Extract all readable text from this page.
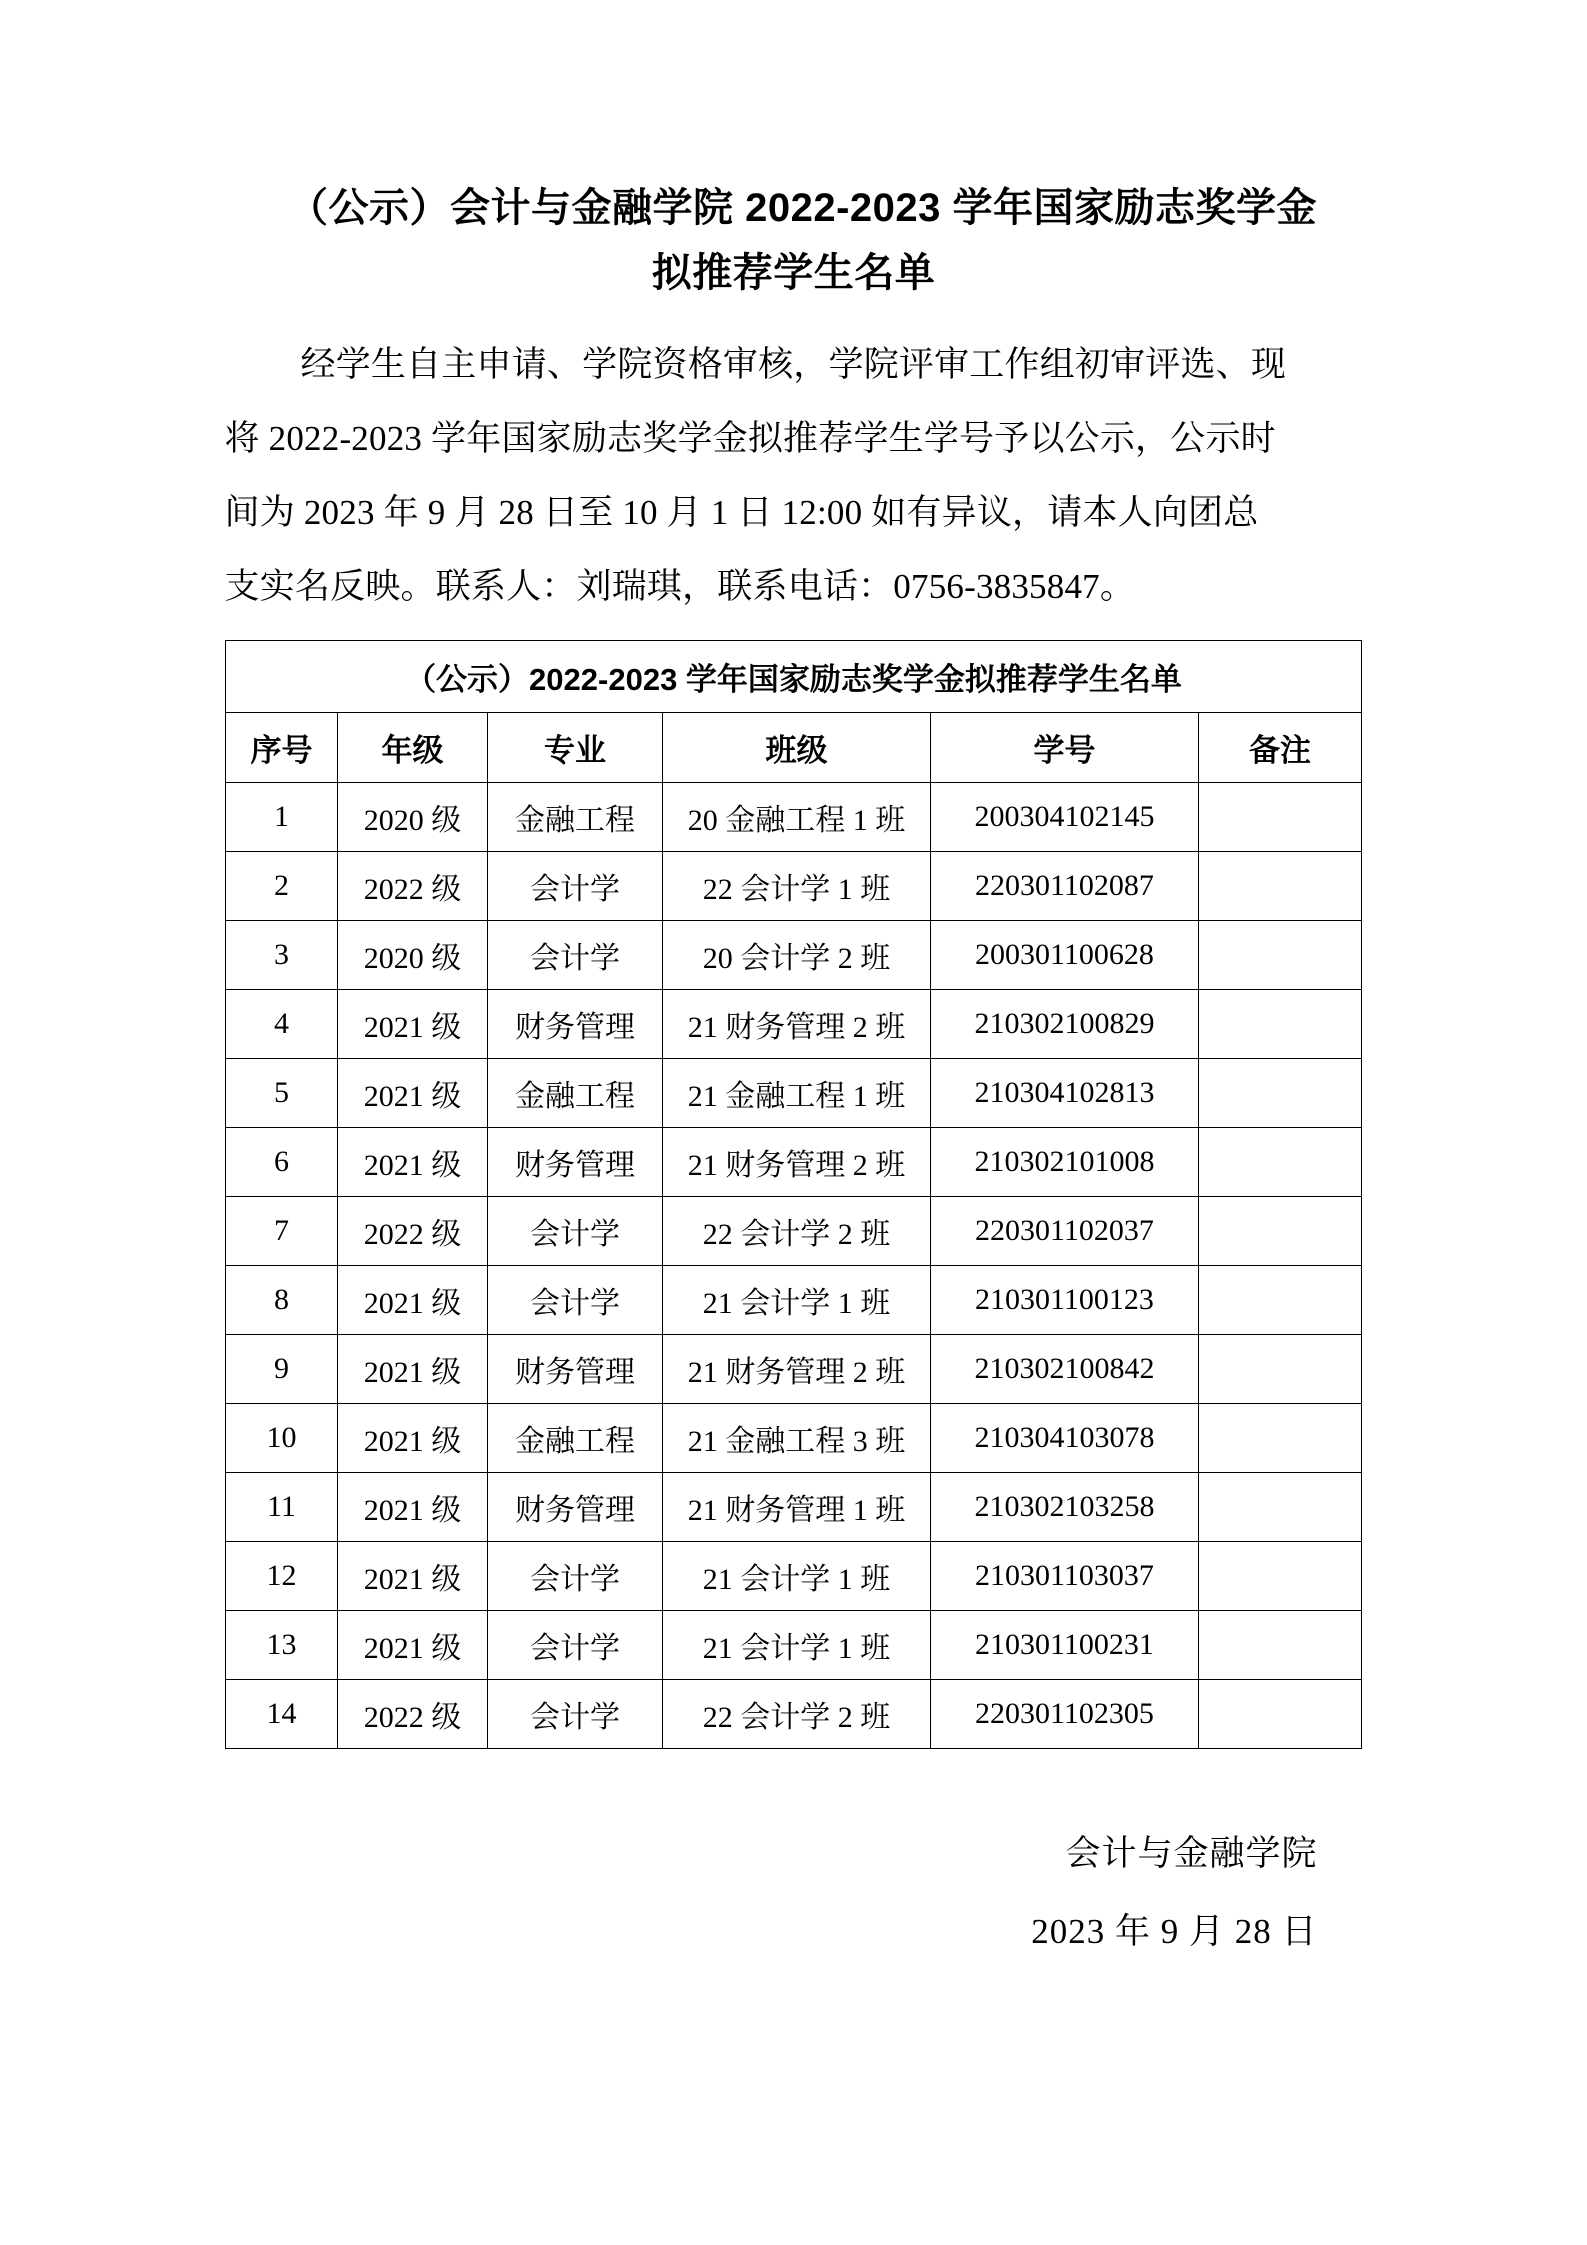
（公示）会计与金融学院 2022-2023 学年国家励志奖学金
拟推荐学生名单
经学生自主申请、学院资格审核，学院评审工作组初审评选、现
将 2022-2023 学年国家励志奖学金拟推荐学生学号予以公示，公示时
间为 2023 年 9 月 28 日至 10 月 1 日 12:00 如有异议，请本人向团总
支实名反映。联系人：刘瑞琪，联系电话：0756-3835847。
（公示）2022-2023 学年国家励志奖学金拟推荐学生名单					
序号	年级	专业	班级	学号	备注
1	2020 级	金融工程	20 金融工程 1 班	200304102145	
2	2022 级	会计学	22 会计学 1 班	220301102087	
3	2020 级	会计学	20 会计学 2 班	200301100628	
4	2021 级	财务管理	21 财务管理 2 班	210302100829	
5	2021 级	金融工程	21 金融工程 1 班	210304102813	
6	2021 级	财务管理	21 财务管理 2 班	210302101008	
7	2022 级	会计学	22 会计学 2 班	220301102037	
8	2021 级	会计学	21 会计学 1 班	210301100123	
9	2021 级	财务管理	21 财务管理 2 班	210302100842	
10	2021 级	金融工程	21 金融工程 3 班	210304103078	
11	2021 级	财务管理	21 财务管理 1 班	210302103258	
12	2021 级	会计学	21 会计学 1 班	210301103037	
13	2021 级	会计学	21 会计学 1 班	210301100231	
14	2022 级	会计学	22 会计学 2 班	220301102305	
会计与金融学院
2023 年 9 月 28 日
